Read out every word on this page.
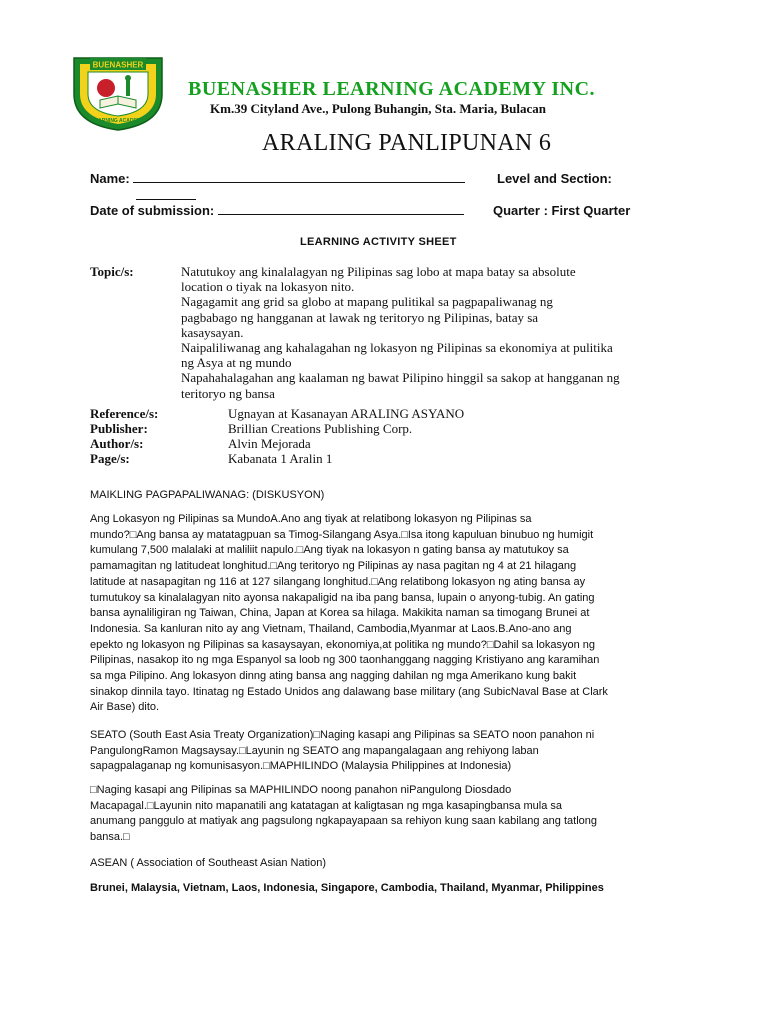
BUENASHER
LEARNING ACADEMY
BUENASHER LEARNING ACADEMY INC.
Km.39 Cityland Ave., Pulong Buhangin, Sta. Maria, Bulacan
ARALING PANLIPUNAN 6
Name:	Level and Section:
Date of submission:	Quarter : First Quarter
LEARNING ACTIVITY SHEET
Topic/s:	Natutukoy ang kinalalagyan ng Pilipinas sag lobo at mapa batay sa absolute
location o tiyak na lokasyon nito.
Nagagamit ang grid sa globo at mapang pulitikal sa pagpapaliwanag ng
pagbabago ng hangganan at lawak ng teritoryo ng Pilipinas, batay sa
kasaysayan.
Naipaliliwanag ang kahalagahan ng lokasyon ng Pilipinas sa ekonomiya at pulitika
ng Asya at ng mundo
Napahahalagahan ang kaalaman ng bawat Pilipino hinggil sa sakop at hangganan ng
teritoryo ng bansa
Reference/s:	Ugnayan at Kasanayan ARALING ASYANO
Publisher:	Brillian Creations Publishing Corp.
Author/s:	Alvin Mejorada
Page/s:	Kabanata 1 Aralin 1
MAIKLING PAGPAPALIWANAG: (DISKUSYON)
Ang Lokasyon ng Pilipinas sa MundoA.Ano ang tiyak at relatibong lokasyon ng Pilipinas sa
mundo?□Ang bansa ay matatagpuan sa Timog-Silangang Asya.□Isa itong kapuluan binubuo ng humigit
kumulang 7,500 malalaki at maliliit napulo.□Ang tiyak na lokasyon n gating bansa ay matutukoy sa
pamamagitan ng latitudeat longhitud.□Ang teritoryo ng Pilipinas ay nasa pagitan ng 4 at 21 hilagang
latitude at nasapagitan ng 116 at 127 silangang longhitud.□Ang relatibong lokasyon ng ating bansa ay
tumutukoy sa kinalalagyan nito ayonsa nakapaligid na iba pang bansa, lupain o anyong-tubig. An gating
bansa aynaliligiran ng Taiwan, China, Japan at Korea sa hilaga. Makikita naman sa timogang Brunei at
Indonesia. Sa kanluran nito ay ang Vietnam, Thailand, Cambodia,Myanmar at Laos.B.Ano-ano ang
epekto ng lokasyon ng Pilipinas sa kasaysayan, ekonomiya,at politika ng mundo?□Dahil sa lokasyon ng
Pilipinas, nasakop ito ng mga Espanyol sa loob ng 300 taonhanggang nagging Kristiyano ang karamihan
sa mga Pilipino. Ang lokasyon dinng ating bansa ang nagging dahilan ng mga Amerikano kung bakit
sinakop dinnila tayo. Itinatag ng Estado Unidos ang dalawang base military (ang SubicNaval Base at Clark
Air Base) dito.
SEATO (South East Asia Treaty Organization)□Naging kasapi ang Pilipinas sa SEATO noon panahon ni
PangulongRamon Magsaysay.□Layunin ng SEATO ang mapangalagaan ang rehiyong laban
sapagpalaganap ng komunisasyon.□MAPHILINDO (Malaysia Philippines at Indonesia)
□Naging kasapi ang Pilipinas sa MAPHILINDO noong panahon niPangulong Diosdado
Macapagal.□Layunin nito mapanatili ang katatagan at kaligtasan ng mga kasapingbansa mula sa
anumang panggulo at matiyak ang pagsulong ngkapayapaan sa rehiyon kung saan kabilang ang tatlong
bansa.□
ASEAN ( Association of Southeast Asian Nation)
Brunei, Malaysia, Vietnam, Laos, Indonesia, Singapore, Cambodia, Thailand, Myanmar, Philippines
